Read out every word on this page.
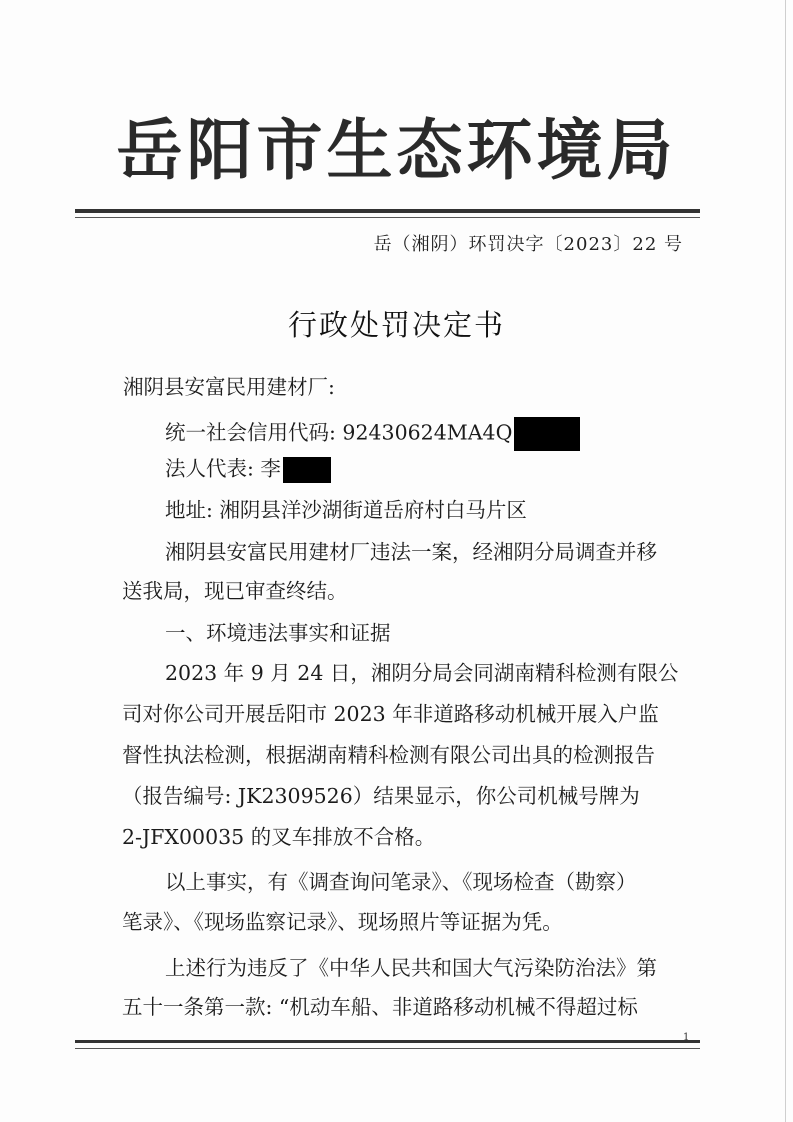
岳阳市生态环境局
岳（湘阴）环罚决字〔2023〕22 号
行政处罚决定书
湘阴县安富民用建材厂:
统一社会信用代码: 92430624MA4Q
法人代表: 李
地址: 湘阴县洋沙湖街道岳府村白马片区
湘阴县安富民用建材厂违法一案，经湘阴分局调查并移
送我局，现已审查终结。
一、环境违法事实和证据
2023 年 9 月 24 日，湘阴分局会同湖南精科检测有限公
司对你公司开展岳阳市 2023 年非道路移动机械开展入户监
督性执法检测，根据湖南精科检测有限公司出具的检测报告
（报告编号: JK2309526）结果显示，你公司机械号牌为
2-JFX00035 的叉车排放不合格。
以上事实，有《调查询问笔录》、《现场检查（勘察）
笔录》、《现场监察记录》、现场照片等证据为凭。
上述行为违反了《中华人民共和国大气污染防治法》第
五十一条第一款: “机动车船、非道路移动机械不得超过标
1
